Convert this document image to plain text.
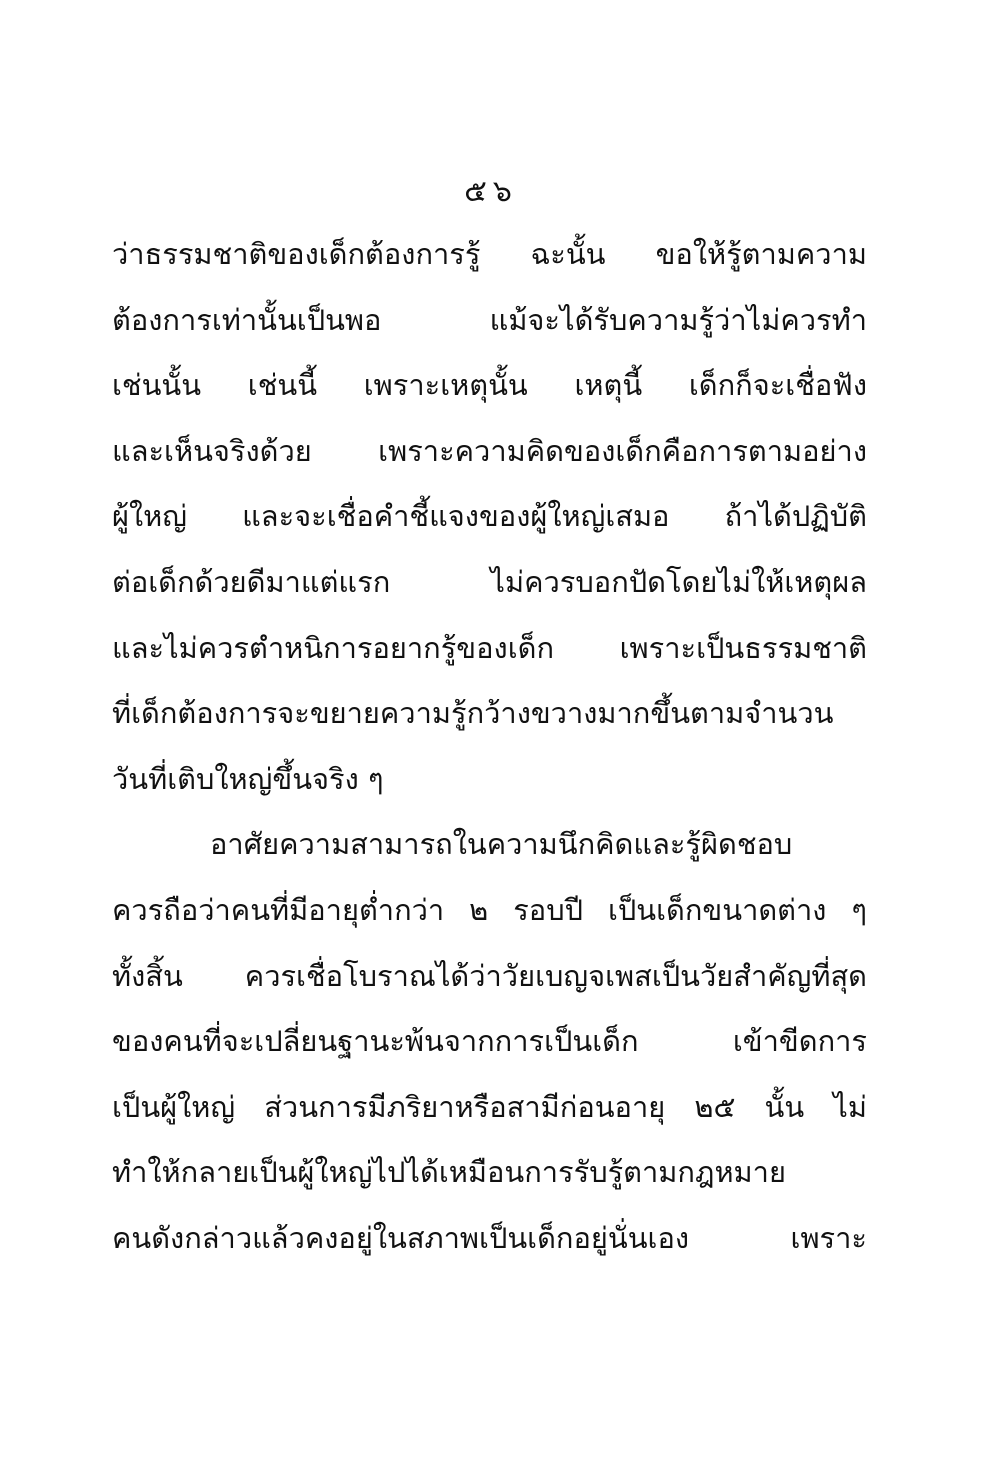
๕๖
ว่าธรรมชาติของเด็กต้องการรู้ ฉะนั้น ขอให้รู้ตามความ
ต้องการเท่านั้นเป็นพอ แม้จะได้รับความรู้ว่าไม่ควรทำ
เช่นนั้น เช่นนี้ เพราะเหตุนั้น เหตุนี้ เด็กก็จะเชื่อฟัง
และเห็นจริงด้วย เพราะความคิดของเด็กคือการตามอย่าง
ผู้ใหญ่ และจะเชื่อคำชี้แจงของผู้ใหญ่เสมอ ถ้าได้ปฏิบัติ
ต่อเด็กด้วยดีมาแต่แรก ไม่ควรบอกปัดโดยไม่ให้เหตุผล
และไม่ควรตำหนิการอยากรู้ของเด็ก เพราะเป็นธรรมชาติ
ที่เด็กต้องการจะขยายความรู้กว้างขวางมากขึ้นตามจำนวน
วันที่เติบใหญ่ขึ้นจริง ๆ
อาศัยความสามารถในความนึกคิดและรู้ผิดชอบ
ควรถือว่าคนที่มีอายุต่ำกว่า ๒ รอบปี เป็นเด็กขนาดต่าง ๆ
ทั้งสิ้น ควรเชื่อโบราณได้ว่าวัยเบญจเพสเป็นวัยสำคัญที่สุด
ของคนที่จะเปลี่ยนฐานะพ้นจากการเป็นเด็ก เข้าขีดการ
เป็นผู้ใหญ่ ส่วนการมีภริยาหรือสามีก่อนอายุ ๒๕ นั้น ไม่
ทำให้กลายเป็นผู้ใหญ่ไปได้เหมือนการรับรู้ตามกฎหมาย
คนดังกล่าวแล้วคงอยู่ในสภาพเป็นเด็กอยู่นั่นเอง เพราะ
